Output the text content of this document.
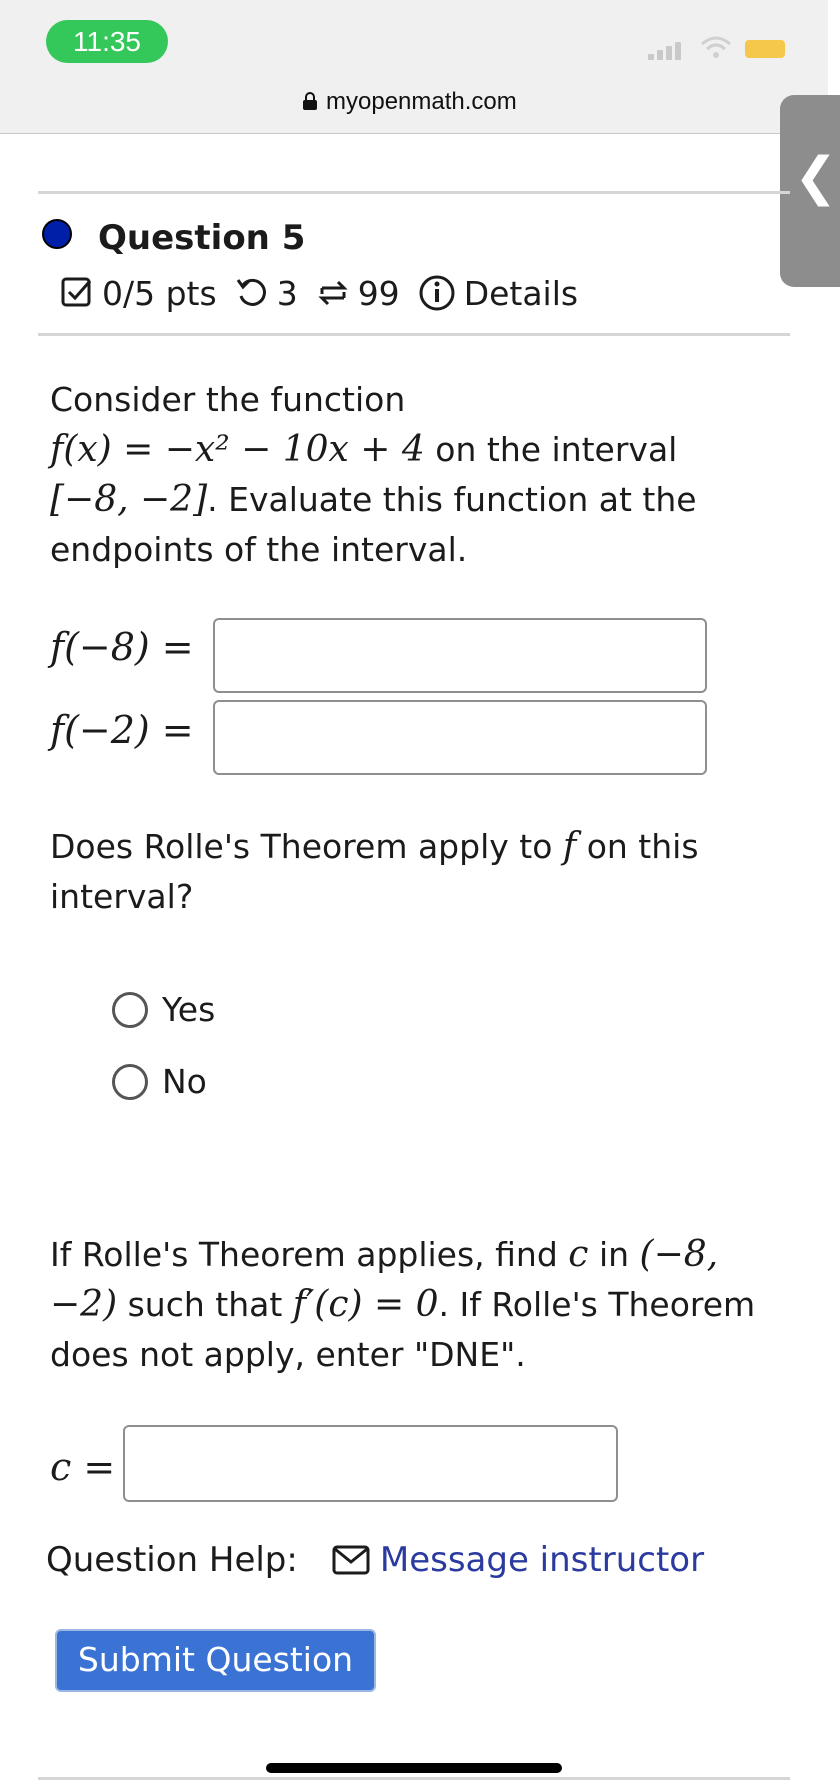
11:35
myopenmath.com
❮
Question 5
0/5 pts 3 99 Details
Consider the function
f(x) = −x² − 10x + 4 on the interval
[−8, −2]. Evaluate this function at the endpoints of the interval.
f(−8) =
f(−2) =
Does Rolle's Theorem apply to f on this interval?
Yes
No
If Rolle's Theorem applies, find c in (−8, −2) such that f′(c) = 0. If Rolle's Theorem does not apply, enter "DNE".
c =
Question Help: Message instructor
Submit Question
